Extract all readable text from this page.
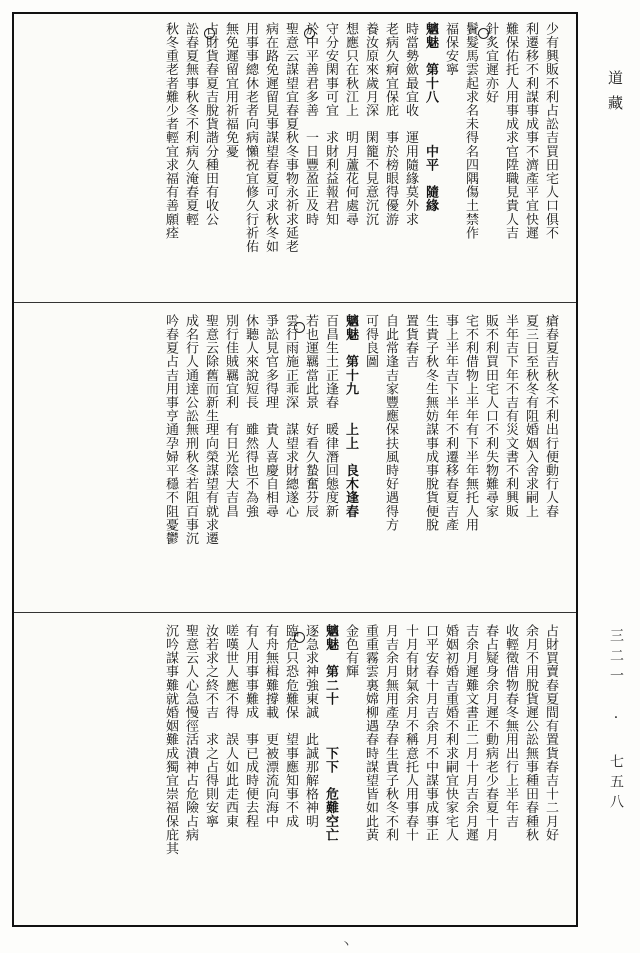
少有興販不利占訟吉買田宅人口俱不
利遷移不利謀事成事不濟產平宜快遲
難保佑托人用事成求官陞職見貴人吉
針炙宜遲亦好
鬢髮馬雲起求名未得名四隅傷土禁作
福保安寧
魑魅　第十八　　　中平　隨緣
時當勢歛最宜收　運用隨緣莫外求
老病久痾宜保庇　事於榜眼得優游
養汝原來歲月深　閑籠不見意沉沉
想應只在秋江上　明月蘆花何處尋
守分安閑事可宜　求財利益報君知
於中平善君多善　一日豐盈正及時
聖意云謀望宜春夏秋冬事物永祈求延老
病在路免遲留見事謀望春夏可求秋冬如
用事事總休老者向病懶祝宜修久行祈佑
無免遲留宜用祈福免憂
占財貨春夏吉脫貨諧分種田有收公
訟春夏無事秋冬不利病久淹春夏輕
秋冬重老者難少者輕宜求福有善願痊
瘡春夏吉秋冬不利出行便動行人春
夏三日至秋冬有阻婚姻入舍求嗣上
半年吉下年不吉有災文書不利興販
販不利買田宅人口不利失物難尋家
宅不利借物上半年有下半年無托人用
事上半年吉下半年不利遷移春夏吉產
生貴子秋冬生無妨謀事成事脫貨便脫
置貨春吉
自此常逢吉家豐應保扶風時好遇得方
可得良圖
魑魅　第十九　　上上　良木逢春
百昌生土正逢春　暖律潛回態度新
若也運羈當此景　好看久蟄奮芬辰
雲行雨施正乖深　謀望求財總遂心
爭訟見官多得理　貴人喜慶自相尋
休聽人來說短長　雖然得也不為強
別行佳賊羈宜利　有日光陰大吉昌
聖意云除舊而新生理向榮謀望有就求遷
成名行人通達公訟無刑秋冬若阻百事沉
吟春夏占吉用事亨通孕婦平穩不阻憂鬱
占財買賣春夏間有置貨春吉十二月好
余月不用脫貨遲公訟無事種田春種秋
收輕徵借物春冬無用出行上半年吉
春占疑身余月遲不動病老少春夏十月
吉余月遲難文書正二月十月吉余月遲
婚姻初婚吉重婚不利求嗣宜快家宅人
口平安春十月吉余月不中謀事成事正
十月有財氣余月不稱意托人用事春十
月吉余月無用產孕春生貴子秋冬不利
重重霧雲裏嫦柳遇春時謀望皆如此黃
金色有輝
魑魅　第二十　　　下下　危難空亡
逐急求神強東誠　此誠那解格神明
臨危只恐危難保　望事應知事不成
有舟無楫難撐載　更被漂流向海中
有人用事事難成　事已成時便去程
嗟嘆世人應不得　誤人如此走西東
汝若求之終不吉　求之占得則安寧
聖意云人心急慢徑活潰神占危險占病
沉吟謀事難就婚姻難成獨宜崇福保庇其
道藏
三二一 · 七五八
丶
